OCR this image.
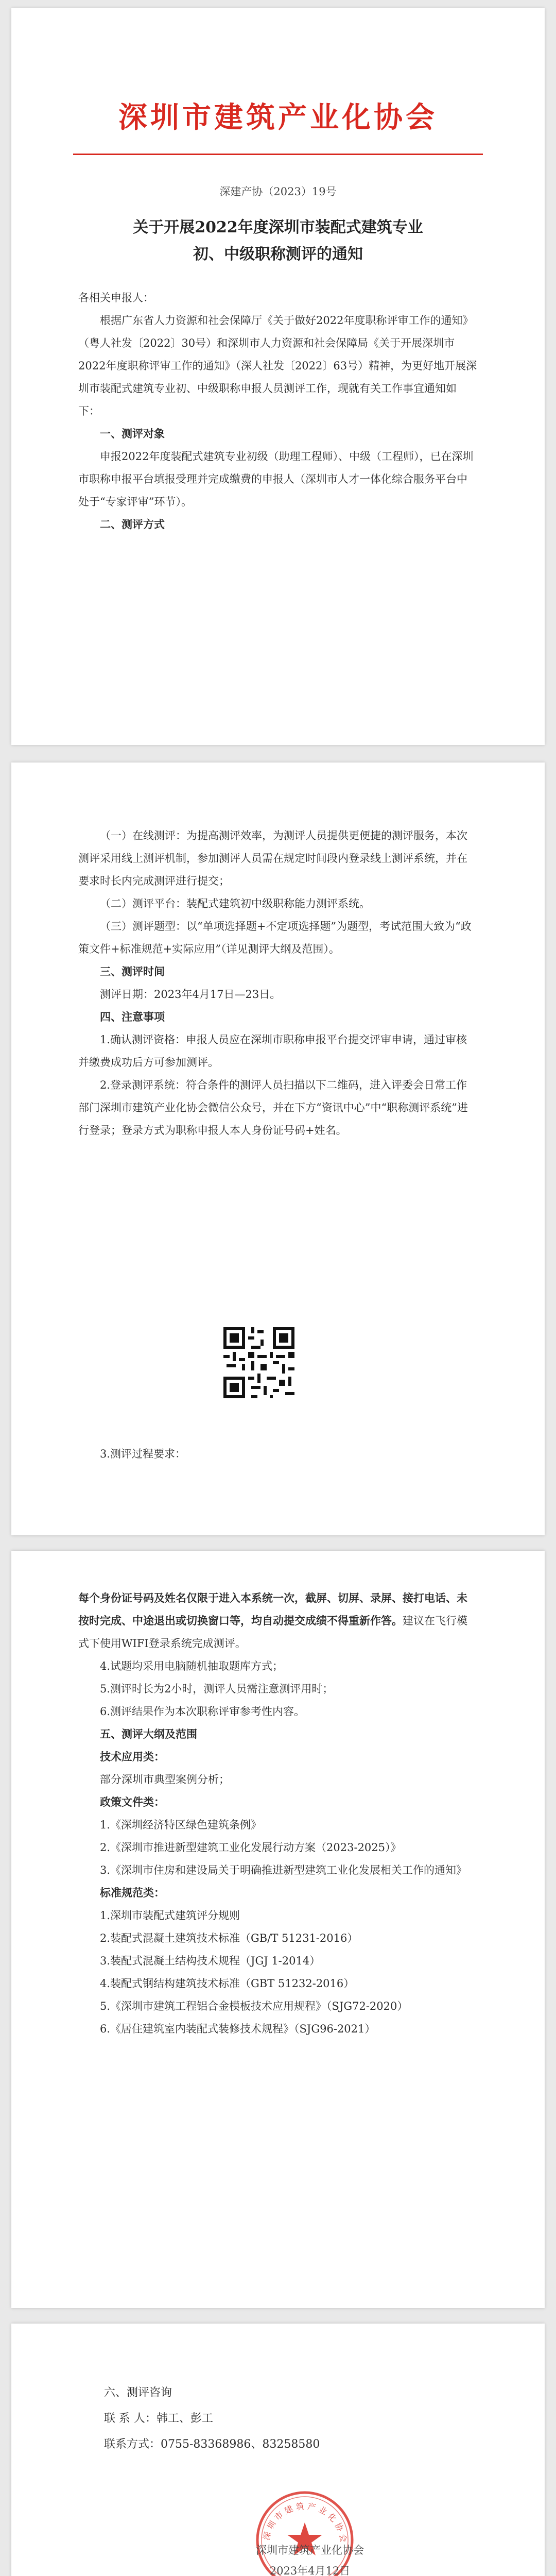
深圳市建筑产业化协会
深建产协（2023）19号
关于开展2022年度深圳市装配式建筑专业
初、中级职称测评的通知
各相关申报人：
根据广东省人力资源和社会保障厅《关于做好2022年度职称评审工作的通知》（粤人社发〔2022〕30号）和深圳市人力资源和社会保障局《关于开展深圳市2022年度职称评审工作的通知》（深人社发〔2022〕63号）精神，为更好地开展深圳市装配式建筑专业初、中级职称申报人员测评工作，现就有关工作事宜通知如下：
一、测评对象
申报2022年度装配式建筑专业初级（助理工程师）、中级（工程师），已在深圳市职称申报平台填报受理并完成缴费的申报人（深圳市人才一体化综合服务平台中处于“专家评审”环节）。
二、测评方式
（一）在线测评：为提高测评效率，为测评人员提供更便捷的测评服务，本次测评采用线上测评机制，参加测评人员需在规定时间段内登录线上测评系统，并在要求时长内完成测评进行提交；
（二）测评平台：装配式建筑初中级职称能力测评系统。
（三）测评题型：以“单项选择题+不定项选择题”为题型，考试范围大致为“政策文件+标准规范+实际应用”（详见测评大纲及范围）。
三、测评时间
测评日期：2023年4月17日—23日。
四、注意事项
1.确认测评资格：申报人员应在深圳市职称申报平台提交评审申请，通过审核并缴费成功后方可参加测评。
2.登录测评系统：符合条件的测评人员扫描以下二维码，进入评委会日常工作部门深圳市建筑产业化协会微信公众号，并在下方“资讯中心”中“职称测评系统”进行登录；登录方式为职称申报人本人身份证号码+姓名。
3.测评过程要求：
每个身份证号码及姓名仅限于进入本系统一次，截屏、切屏、录屏、接打电话、未按时完成、中途退出或切换窗口等，均自动提交成绩不得重新作答。建议在飞行模式下使用WIFI登录系统完成测评。
4.试题均采用电脑随机抽取题库方式；
5.测评时长为2小时，测评人员需注意测评用时；
6.测评结果作为本次职称评审参考性内容。
五、测评大纲及范围
技术应用类：
部分深圳市典型案例分析；
政策文件类：
1.《深圳经济特区绿色建筑条例》
2.《深圳市推进新型建筑工业化发展行动方案（2023-2025）》
3.《深圳市住房和建设局关于明确推进新型建筑工业化发展相关工作的通知》
标准规范类：
1.深圳市装配式建筑评分规则
2.装配式混凝土建筑技术标准（GB/T 51231-2016）
3.装配式混凝土结构技术规程（JGJ 1-2014）
4.装配式钢结构建筑技术标准（GBT 51232-2016）
5.《深圳市建筑工程铝合金模板技术应用规程》（SJG72-2020）
6.《居住建筑室内装配式装修技术规程》（SJG96-2021）
六、测评咨询
联 系 人：韩工、彭工
联系方式：0755-83368986、83258580
深 圳 市 建 筑 产 业 化 协 会
深圳市建筑产业化协会
2023年4月12日
